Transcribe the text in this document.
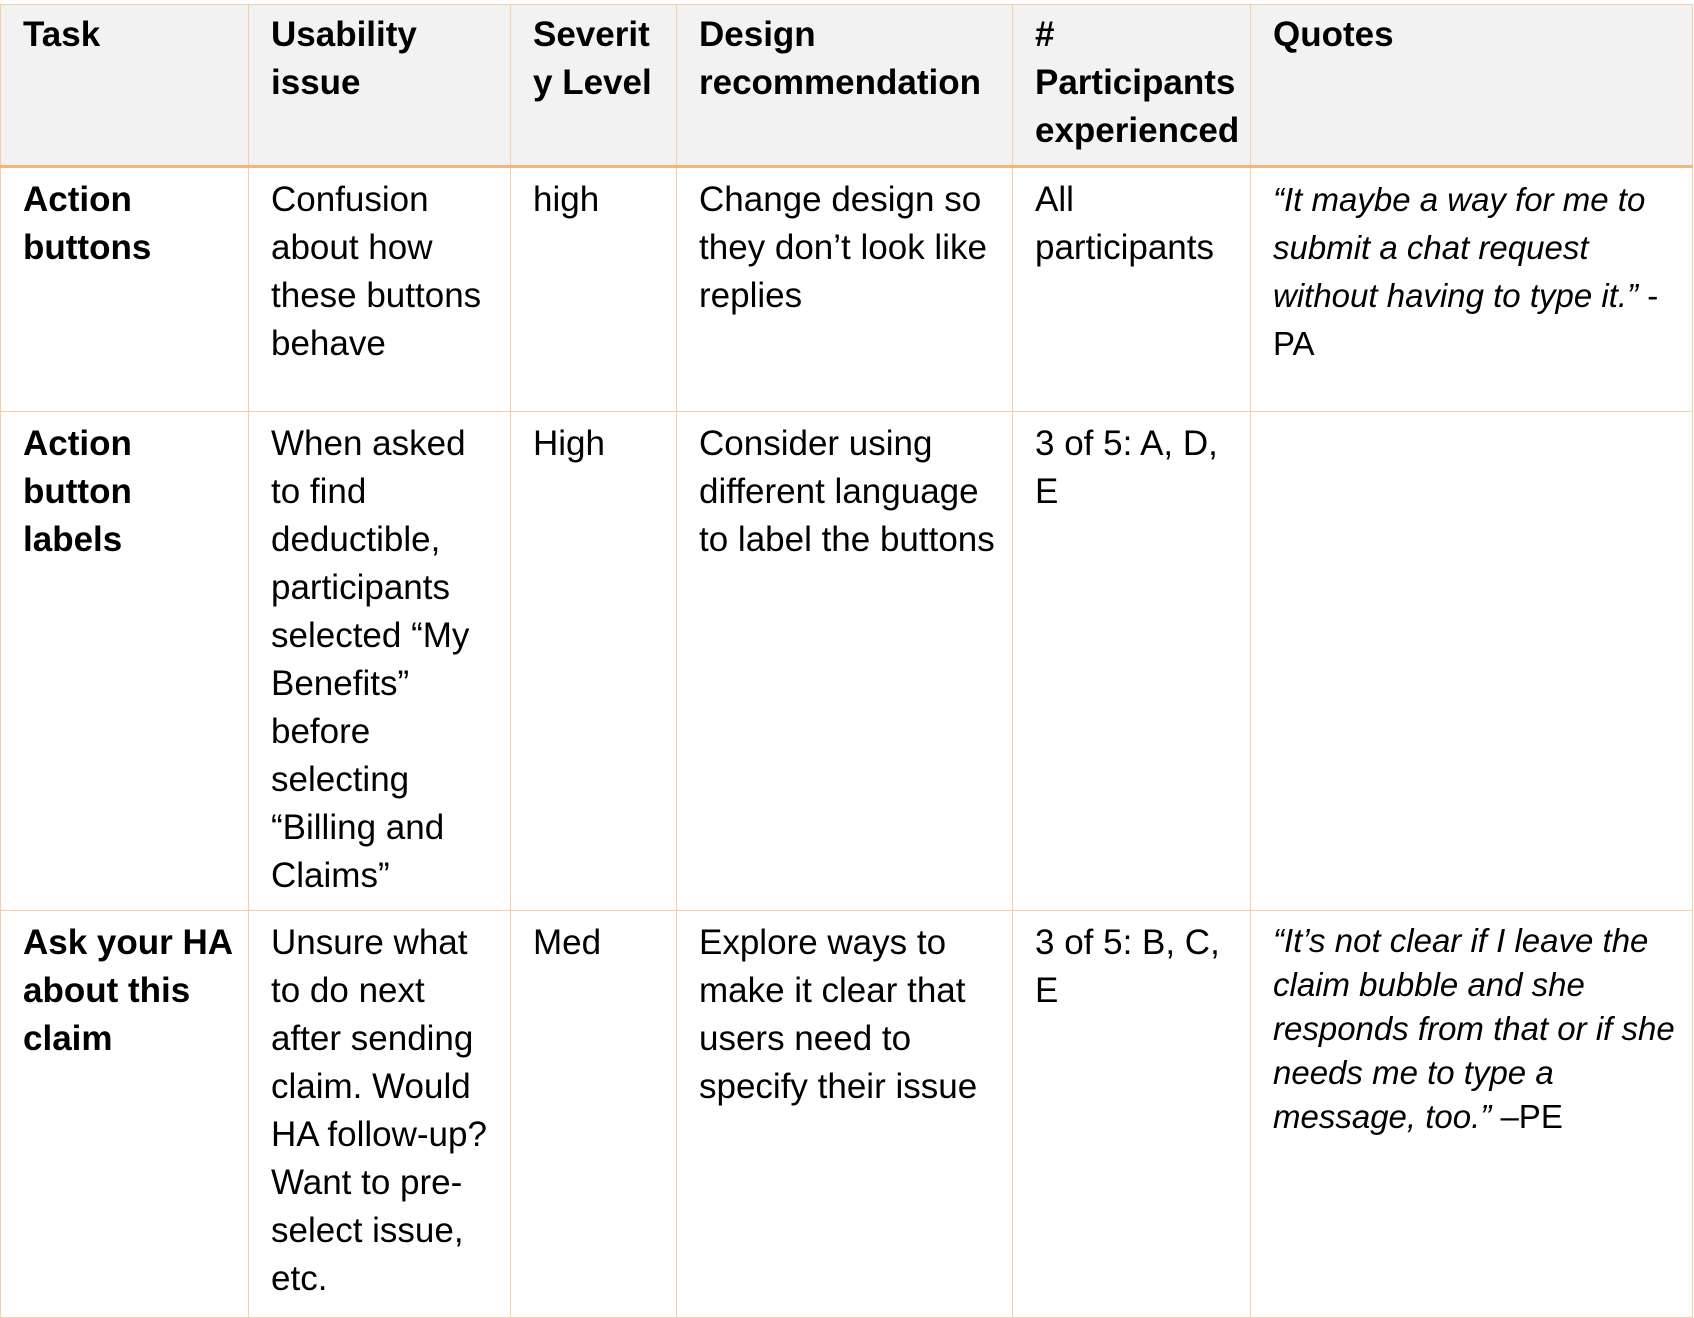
Task	Usability issue	Severity Level	Design recommendation	# Participants experienced	Quotes
Action buttons	Confusion about how these buttons behave	high	Change design so they don’t look like replies	All participants	“It maybe a way for me to submit a chat request without having to type it.” -PA
Action button labels	When asked to find deductible, participants selected “My Benefits” before selecting “Billing and Claims”	High	Consider using different language to label the buttons	3 of 5: A, D, E	
Ask your HA about this claim	Unsure what to do next after sending claim. Would HA follow-up? Want to pre-select issue, etc.	Med	Explore ways to make it clear that users need to specify their issue	3 of 5: B, C, E	“It’s not clear if I leave the claim bubble and she responds from that or if she needs me to type a message, too.” –PE
